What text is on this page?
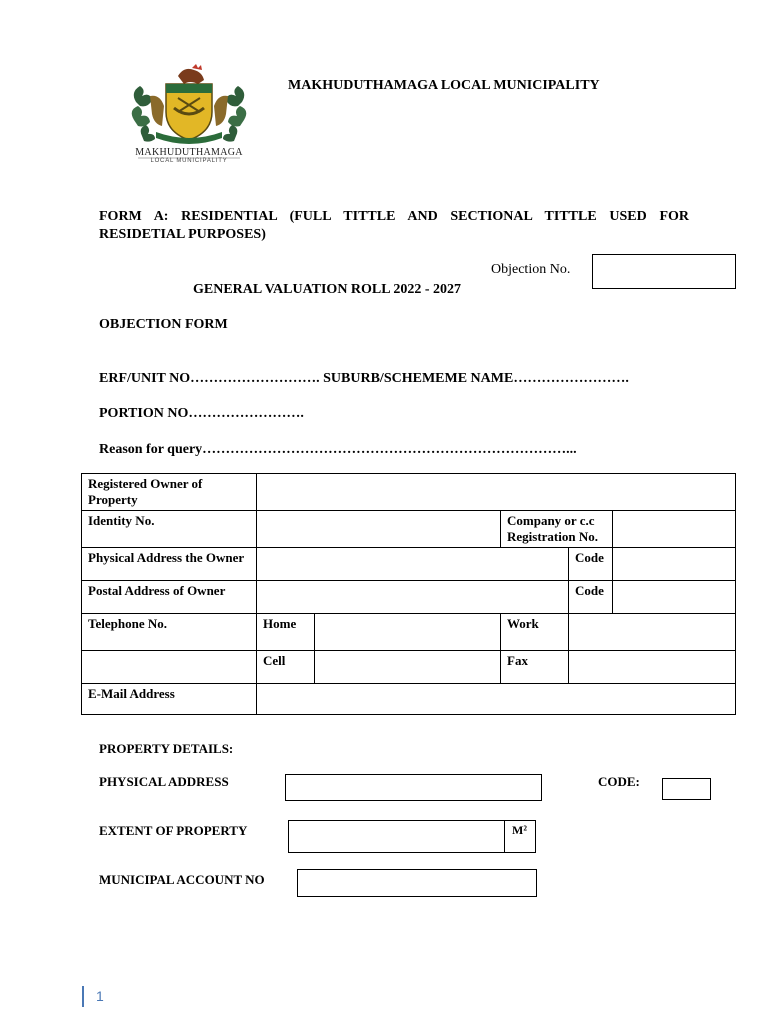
MAKHUDUTHAMAGA
LOCAL MUNICIPALITY
MAKHUDUTHAMAGA LOCAL MUNICIPALITY
FORM A: RESIDENTIAL (FULL TITTLE AND SECTIONAL TITTLE USED FOR RESIDETIAL PURPOSES)
Objection No.
GENERAL VALUATION ROLL 2022 - 2027
OBJECTION FORM
ERF/UNIT NO………………………. SUBURB/SCHEMEME NAME…………………….
PORTION NO…………………….
Reason for query……………………………………………………………………...
Registered Owner of Property	
Identity No.			Company or c.c Registration No.	
Physical Address the Owner				Code	
Postal Address of Owner				Code	
Telephone No.	Home		Work	
	Cell		Fax	
E-Mail Address	
PROPERTY DETAILS:
PHYSICAL ADDRESS	CODE:
EXTENT OF PROPERTY	M²
MUNICIPAL ACCOUNT NO
1
